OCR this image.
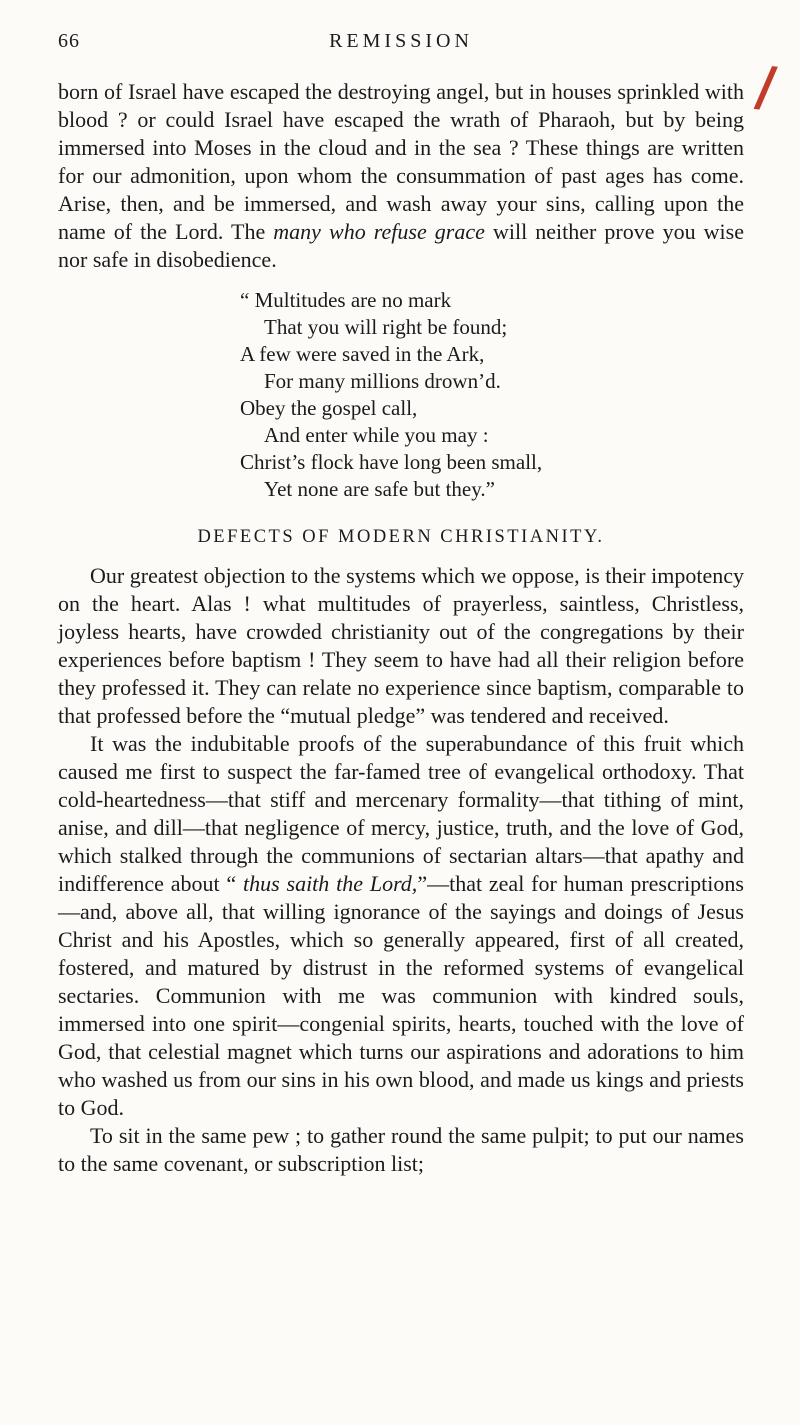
66	REMISSION
/

born of Israel have escaped the destroying angel, but in houses sprinkled with blood ? or could Israel have escaped the wrath of Pharaoh, but by being immersed into Moses in the cloud and in the sea ? These things are written for our admonition, upon whom the consummation of past ages has come. Arise, then, and be immersed, and wash away your sins, calling upon the name of the Lord. The many who refuse grace will neither prove you wise nor safe in disobedience.

“ Multitudes are no mark
That you will right be found;
A few were saved in the Ark,
For many millions drown’d.
Obey the gospel call,
And enter while you may :
Christ’s flock have long been small,
Yet none are safe but they.”
DEFECTS OF MODERN CHRISTIANITY.

Our greatest objection to the systems which we oppose, is their impotency on the heart. Alas ! what multitudes of prayerless, saintless, Christless, joyless hearts, have crowded christianity out of the congregations by their experiences before baptism ! They seem to have had all their religion before they professed it. They can relate no experience since baptism, comparable to that professed before the “mutual pledge” was tendered and received.

It was the indubitable proofs of the superabundance of this fruit which caused me first to suspect the far-famed tree of evangelical orthodoxy. That cold-heartedness—that stiff and mercenary formality—that tithing of mint, anise, and dill—that negligence of mercy, justice, truth, and the love of God, which stalked through the communions of sectarian altars—that apathy and indifference about “ thus saith the Lord,”—that zeal for human prescriptions—and, above all, that willing ignorance of the sayings and doings of Jesus Christ and his Apostles, which so generally appeared, first of all created, fostered, and matured by distrust in the reformed systems of evangelical sectaries. Communion with me was communion with kindred souls, immersed into one spirit—congenial spirits, hearts, touched with the love of God, that celestial magnet which turns our aspirations and adorations to him who washed us from our sins in his own blood, and made us kings and priests to God.

To sit in the same pew ; to gather round the same pulpit; to put our names to the same covenant, or subscription list;
